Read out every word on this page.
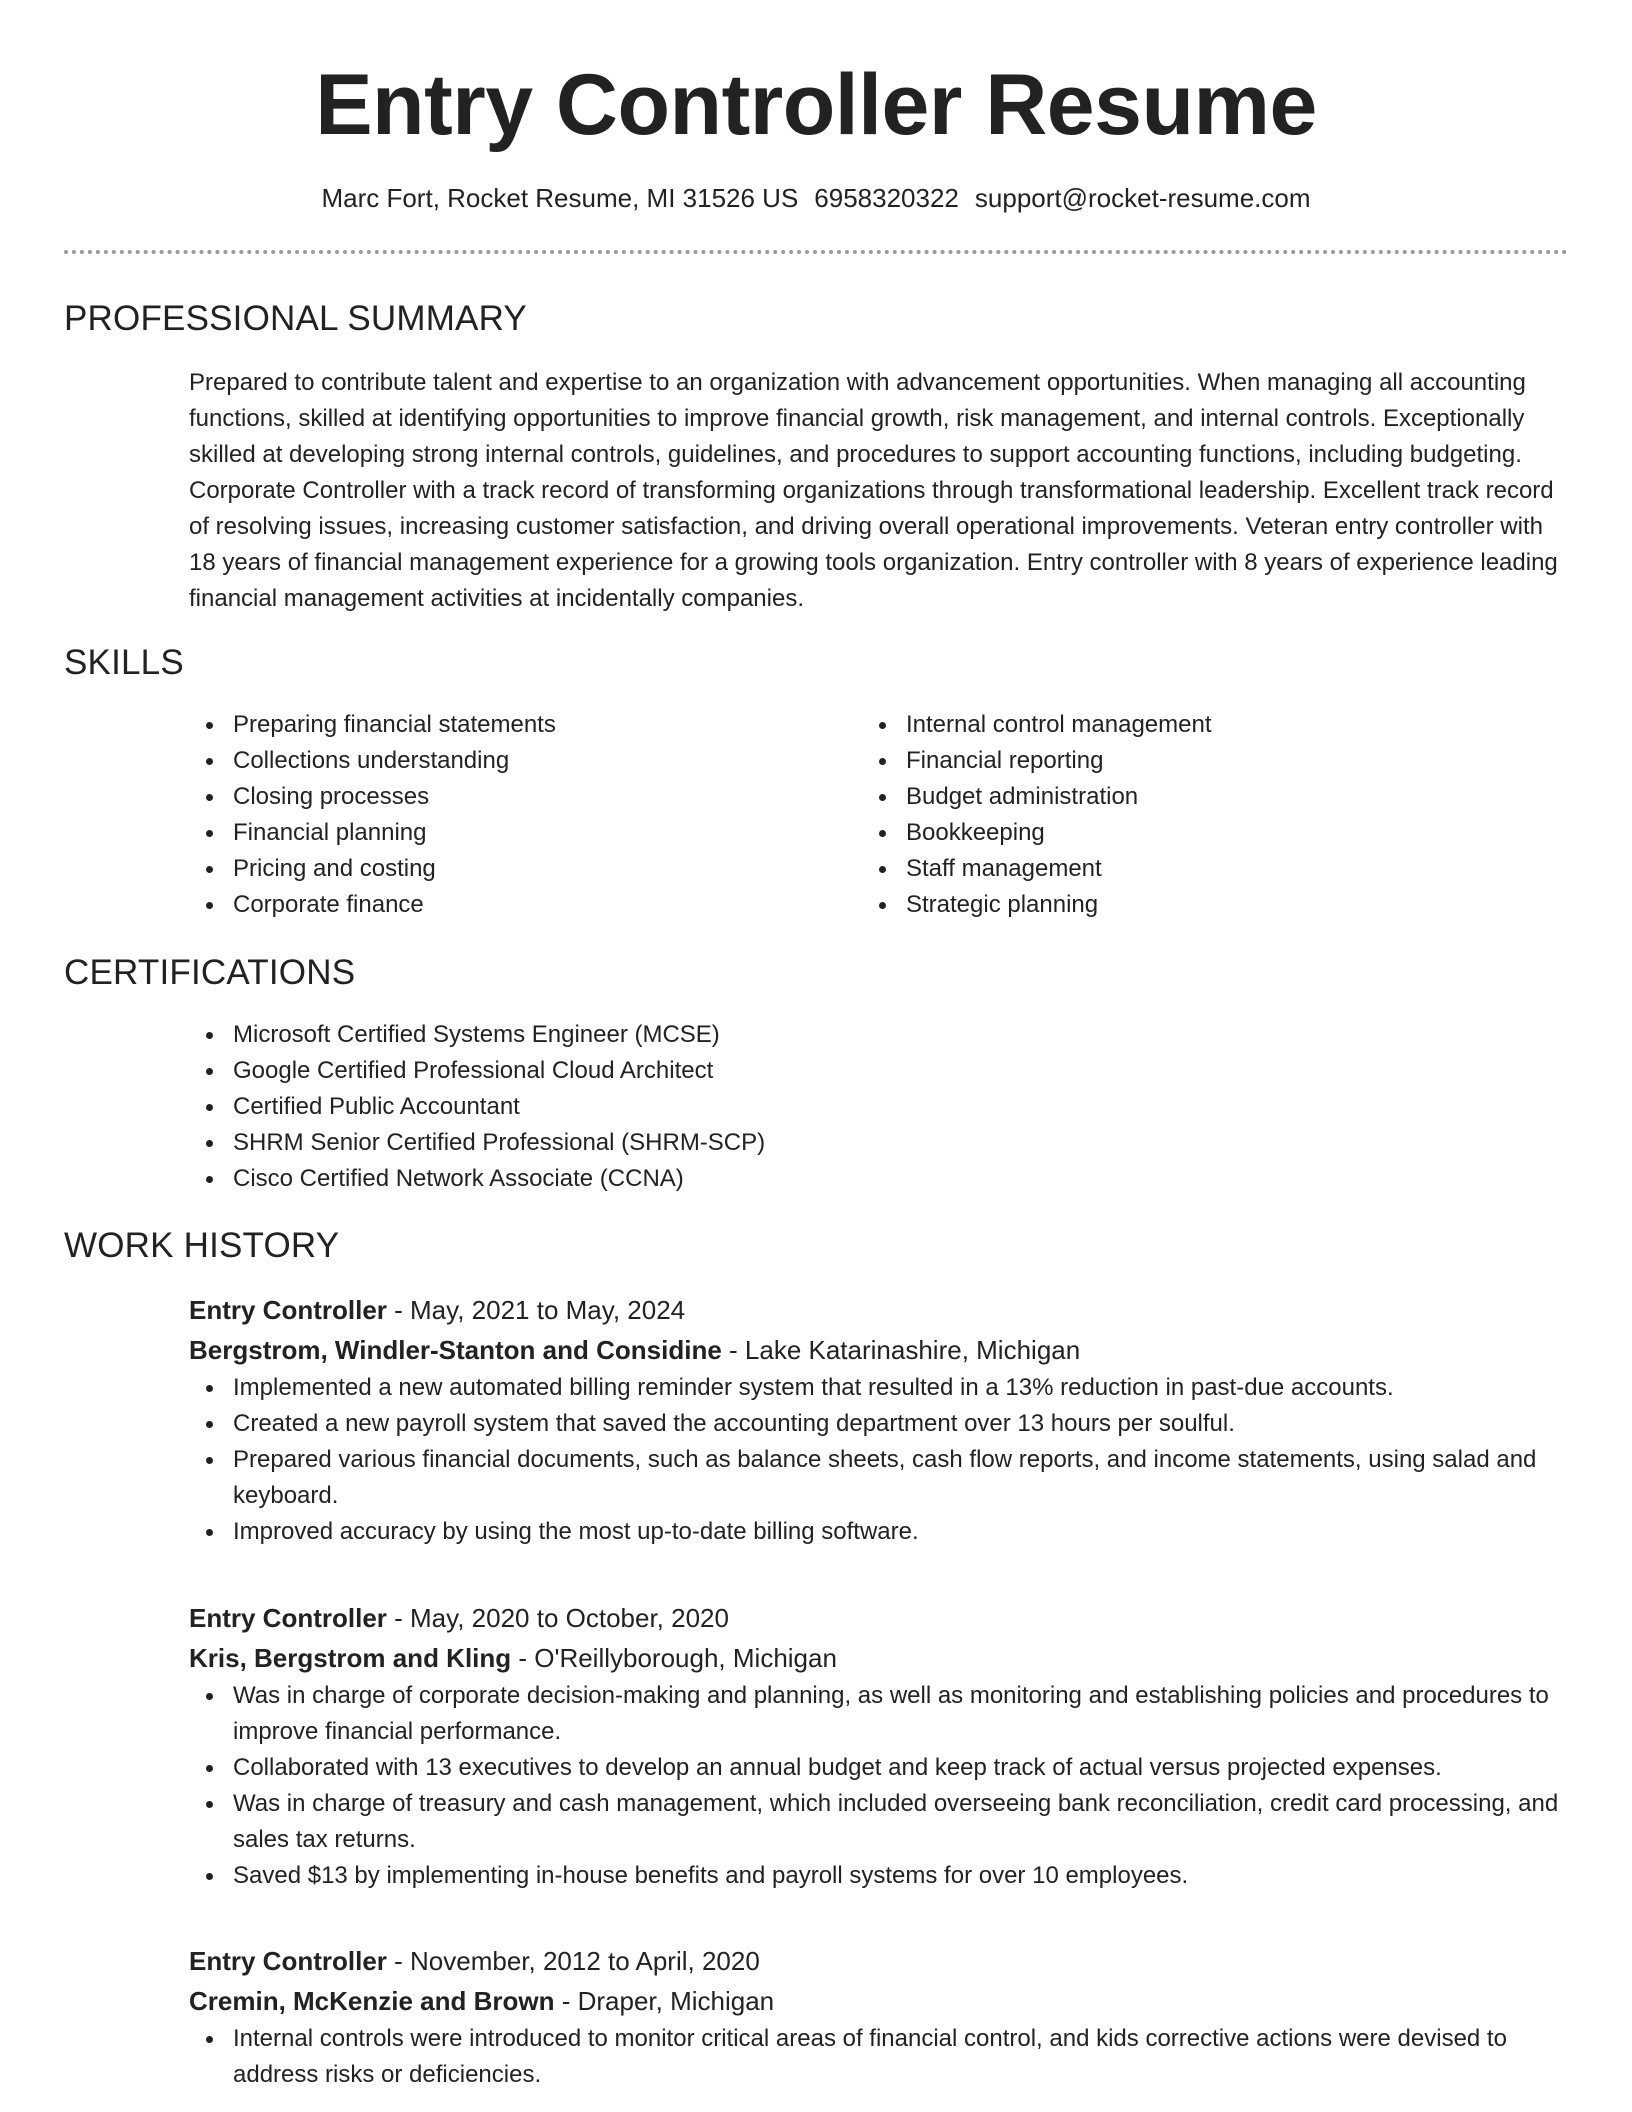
Entry Controller Resume
Marc Fort, Rocket Resume, MI 31526 US 6958320322 support@rocket-resume.com
PROFESSIONAL SUMMARY
Prepared to contribute talent and expertise to an organization with advancement opportunities. When managing all accounting functions, skilled at identifying opportunities to improve financial growth, risk management, and internal controls. Exceptionally skilled at developing strong internal controls, guidelines, and procedures to support accounting functions, including budgeting. Corporate Controller with a track record of transforming organizations through transformational leadership. Excellent track record of resolving issues, increasing customer satisfaction, and driving overall operational improvements. Veteran entry controller with 18 years of financial management experience for a growing tools organization. Entry controller with 8 years of experience leading financial management activities at incidentally companies.
SKILLS
Preparing financial statements
Collections understanding
Closing processes
Financial planning
Pricing and costing
Corporate finance
Internal control management
Financial reporting
Budget administration
Bookkeeping
Staff management
Strategic planning
CERTIFICATIONS
Microsoft Certified Systems Engineer (MCSE)
Google Certified Professional Cloud Architect
Certified Public Accountant
SHRM Senior Certified Professional (SHRM-SCP)
Cisco Certified Network Associate (CCNA)
WORK HISTORY
Entry Controller - May, 2021 to May, 2024
Bergstrom, Windler-Stanton and Considine - Lake Katarinashire, Michigan
Implemented a new automated billing reminder system that resulted in a 13% reduction in past-due accounts.
Created a new payroll system that saved the accounting department over 13 hours per soulful.
Prepared various financial documents, such as balance sheets, cash flow reports, and income statements, using salad and keyboard.
Improved accuracy by using the most up-to-date billing software.
Entry Controller - May, 2020 to October, 2020
Kris, Bergstrom and Kling - O'Reillyborough, Michigan
Was in charge of corporate decision-making and planning, as well as monitoring and establishing policies and procedures to improve financial performance.
Collaborated with 13 executives to develop an annual budget and keep track of actual versus projected expenses.
Was in charge of treasury and cash management, which included overseeing bank reconciliation, credit card processing, and sales tax returns.
Saved $13 by implementing in-house benefits and payroll systems for over 10 employees.
Entry Controller - November, 2012 to April, 2020
Cremin, McKenzie and Brown - Draper, Michigan
Internal controls were introduced to monitor critical areas of financial control, and kids corrective actions were devised to address risks or deficiencies.
